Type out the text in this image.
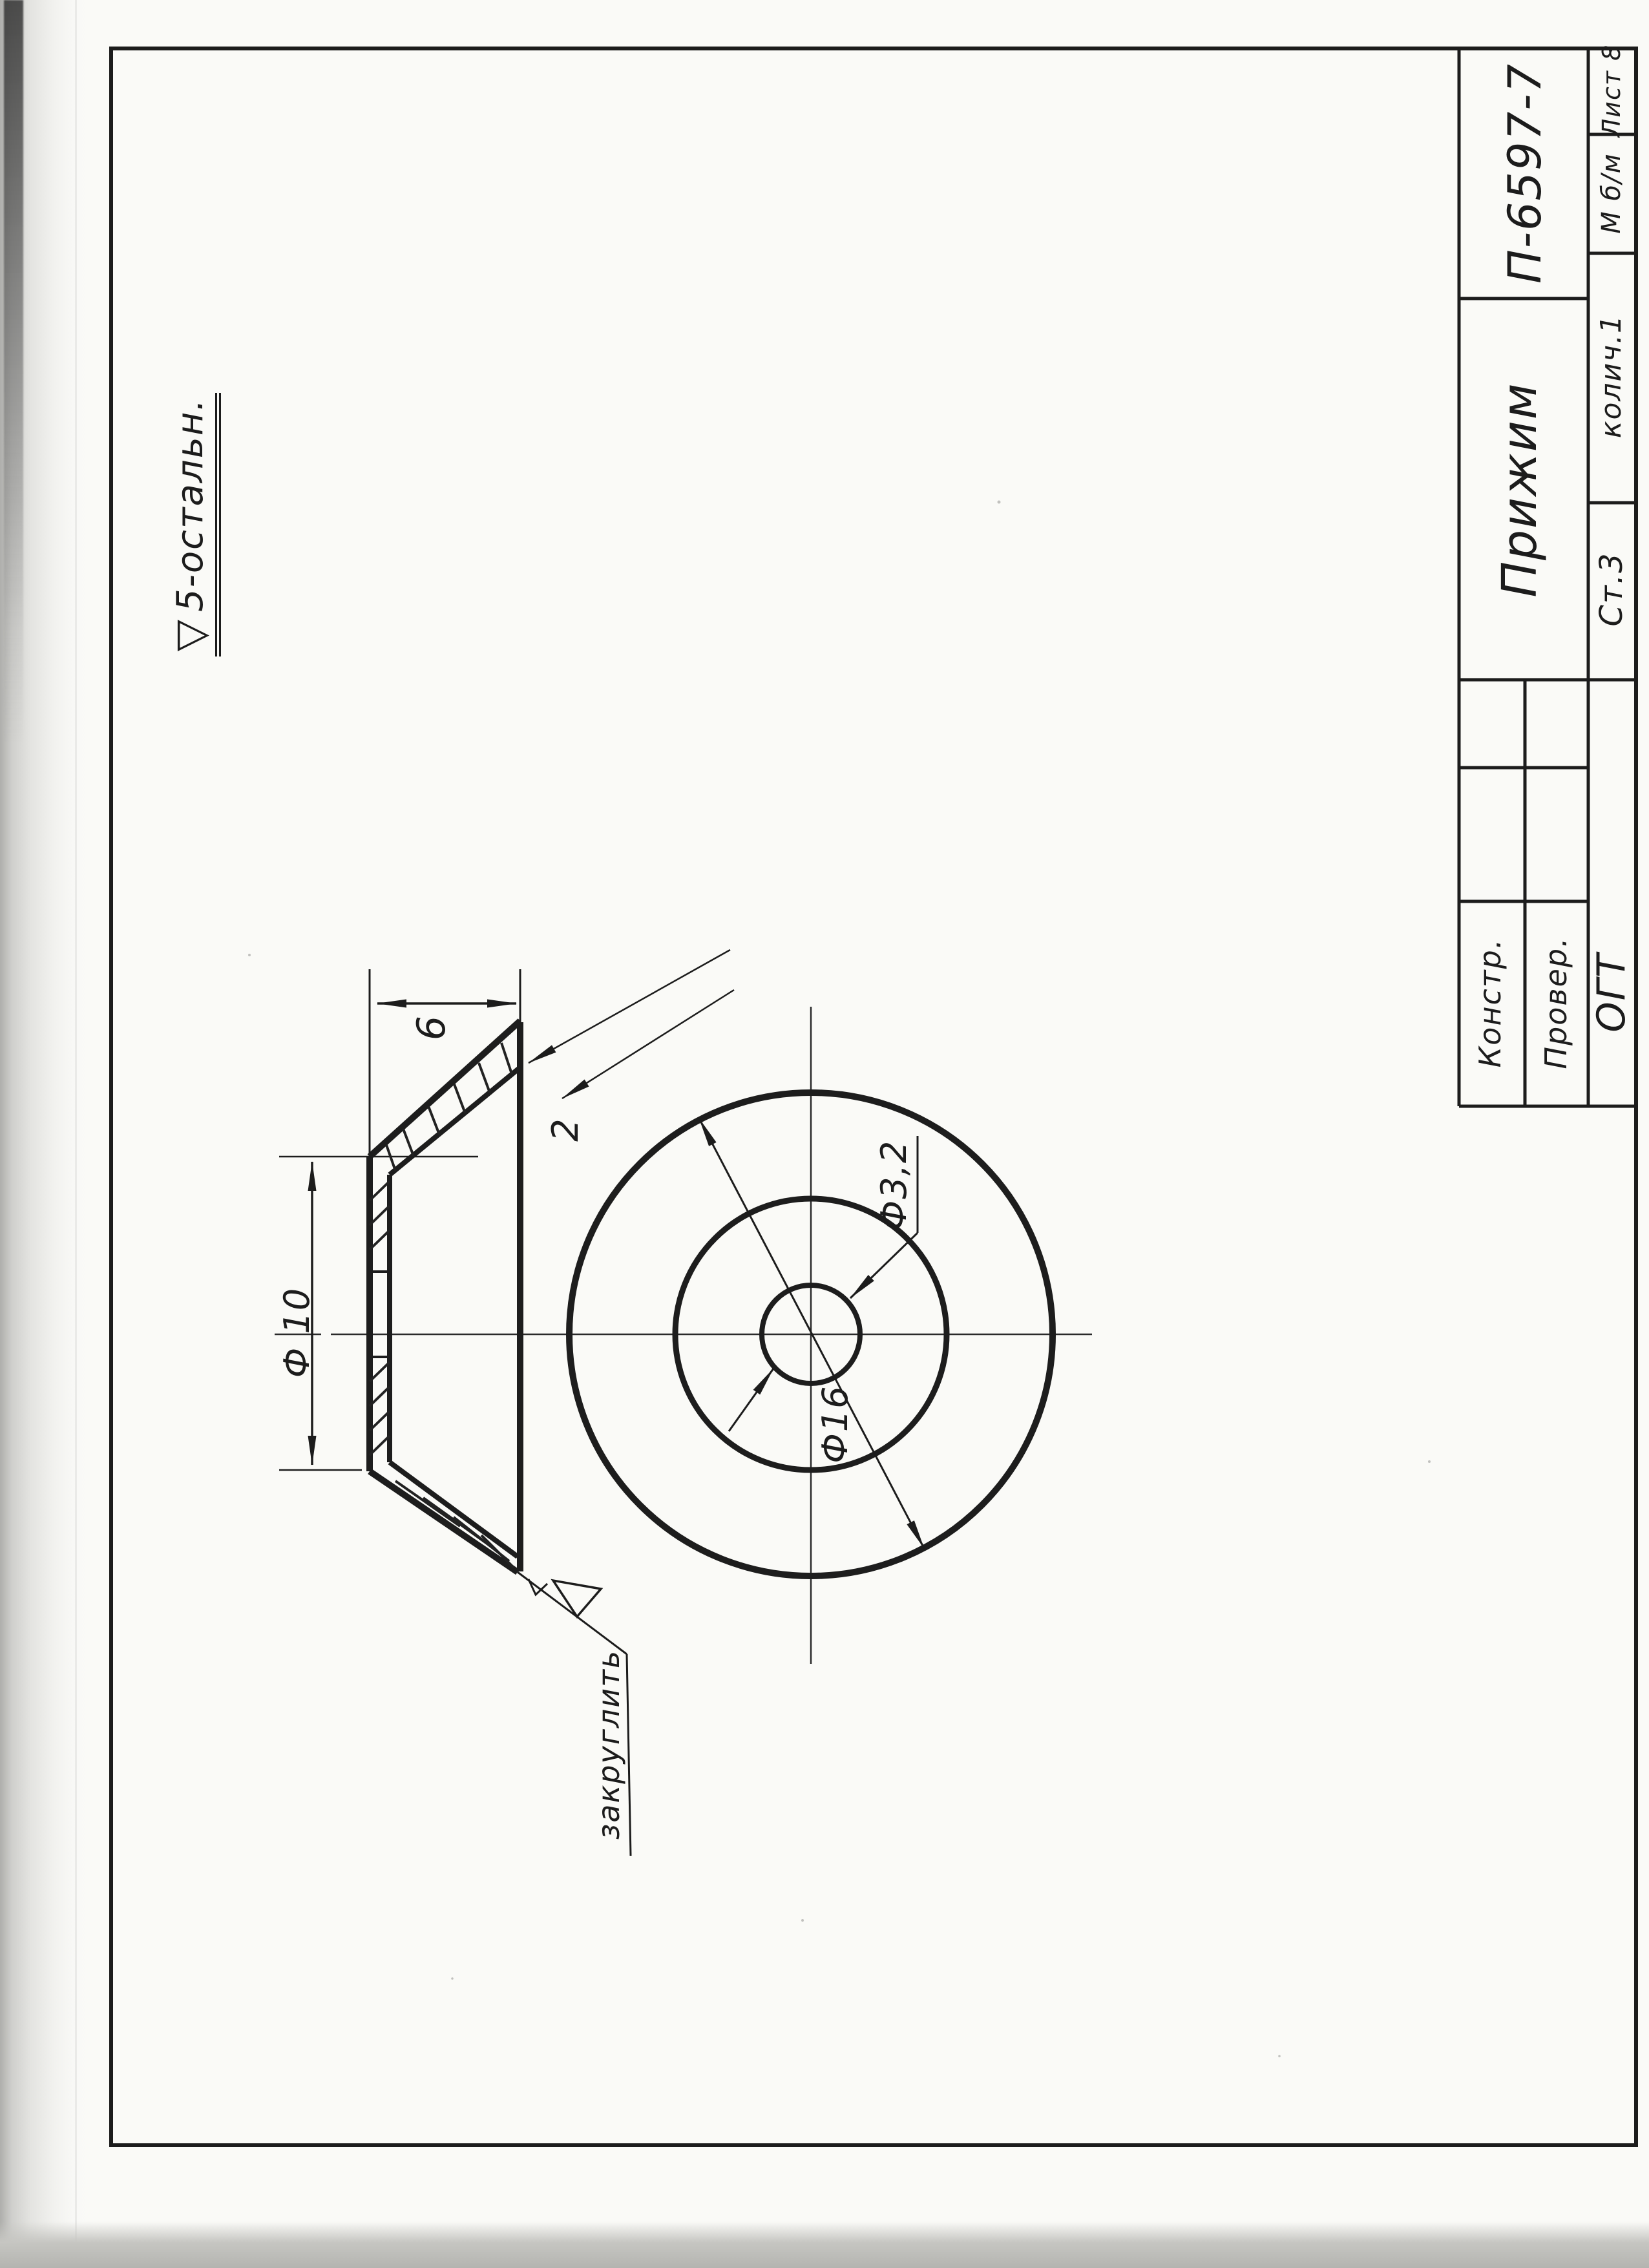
▽
5-остальн.
6
2
Ф 10
Ф3,2
Ф16
закруглить
П-6597-7
Прижим
Констр. Провер. ОГТ
Лист 8
М б/м
колич.1
Ст.3
